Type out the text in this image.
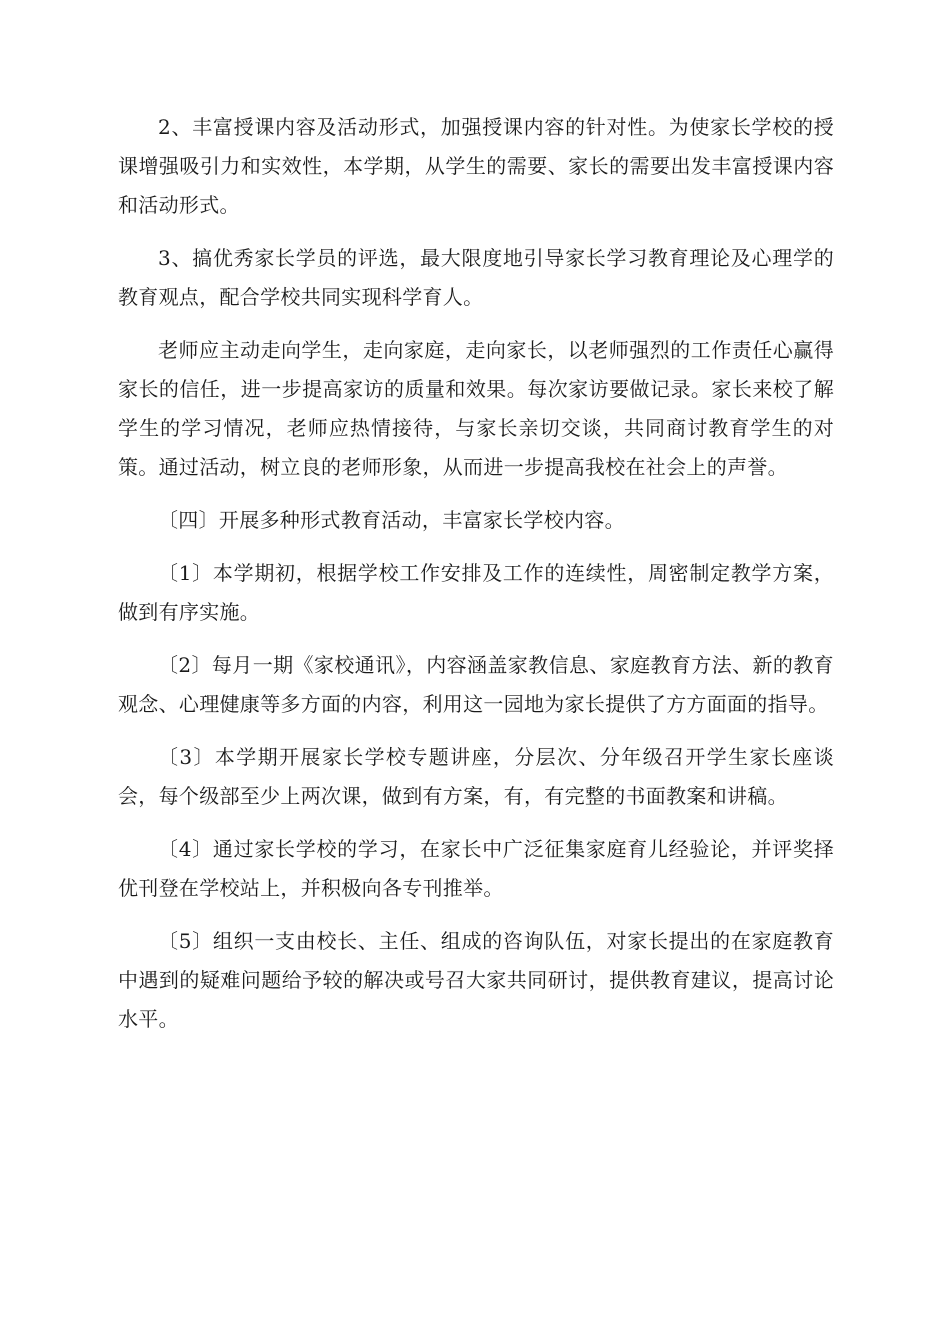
2、丰富授课内容及活动形式，加强授课内容的针对性。为使家长学校的授课增强吸引力和实效性，本学期，从学生的需要、家长的需要出发丰富授课内容和活动形式。

3、搞优秀家长学员的评选，最大限度地引导家长学习教育理论及心理学的教育观点，配合学校共同实现科学育人。

老师应主动走向学生，走向家庭，走向家长，以老师强烈的工作责任心赢得家长的信任，进一步提高家访的质量和效果。每次家访要做记录。家长来校了解学生的学习情况，老师应热情接待，与家长亲切交谈，共同商讨教育学生的对策。通过活动，树立良的老师形象，从而进一步提高我校在社会上的声誉。

〔四〕开展多种形式教育活动，丰富家长学校内容。

〔1〕本学期初，根据学校工作安排及工作的连续性，周密制定教学方案，做到有序实施。

〔2〕每月一期《家校通讯》，内容涵盖家教信息、家庭教育方法、新的教育观念、心理健康等多方面的内容，利用这一园地为家长提供了方方面面的指导。

〔3〕本学期开展家长学校专题讲座，分层次、分年级召开学生家长座谈会，每个级部至少上两次课，做到有方案，有，有完整的书面教案和讲稿。

〔4〕通过家长学校的学习，在家长中广泛征集家庭育儿经验论，并评奖择优刊登在学校站上，并积极向各专刊推举。

〔5〕组织一支由校长、主任、组成的咨询队伍，对家长提出的在家庭教育中遇到的疑难问题给予较的解决或号召大家共同研讨，提供教育建议，提高讨论水平。
